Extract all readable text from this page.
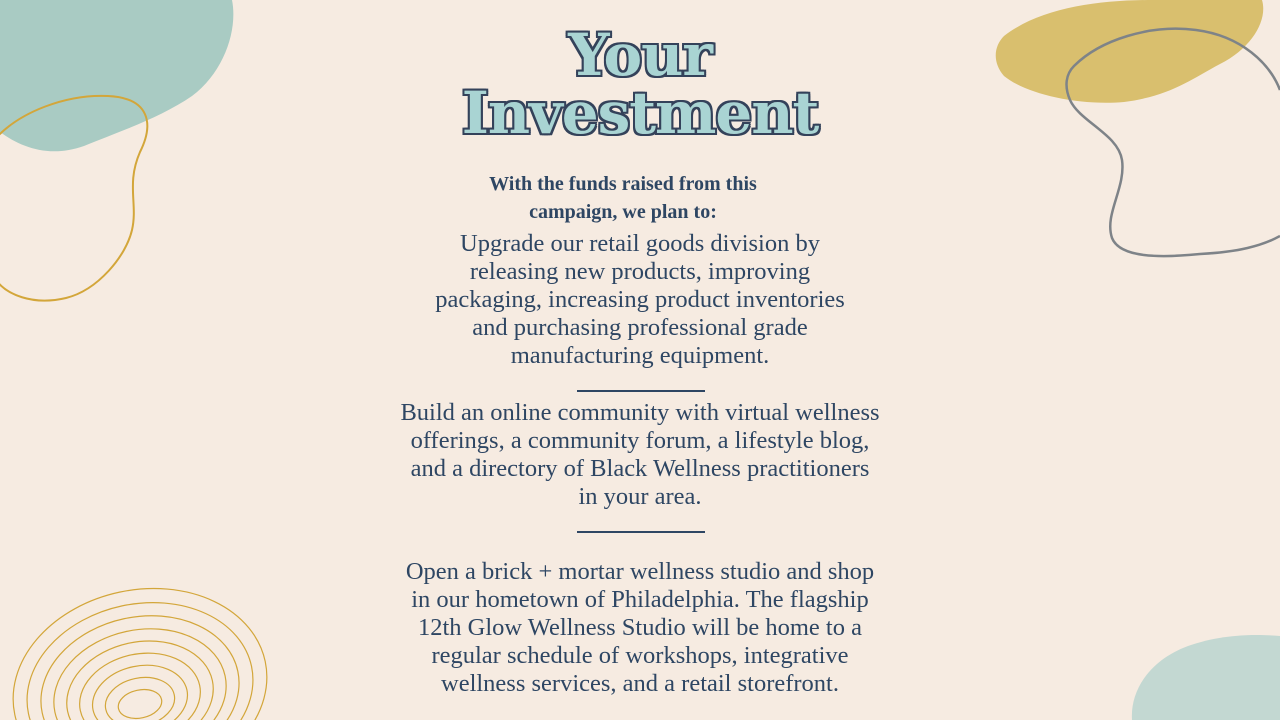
Your
Investment
With the funds raised from this
campaign, we plan to:
Upgrade our retail goods division by
releasing new products, improving
packaging, increasing product inventories
and purchasing professional grade
manufacturing equipment.
Build an online community with virtual wellness
offerings, a community forum, a lifestyle blog,
and a directory of Black Wellness practitioners
in your area.
Open a brick + mortar wellness studio and shop
in our hometown of Philadelphia. The flagship
12th Glow Wellness Studio will be home to a
regular schedule of workshops, integrative
wellness services, and a retail storefront.
